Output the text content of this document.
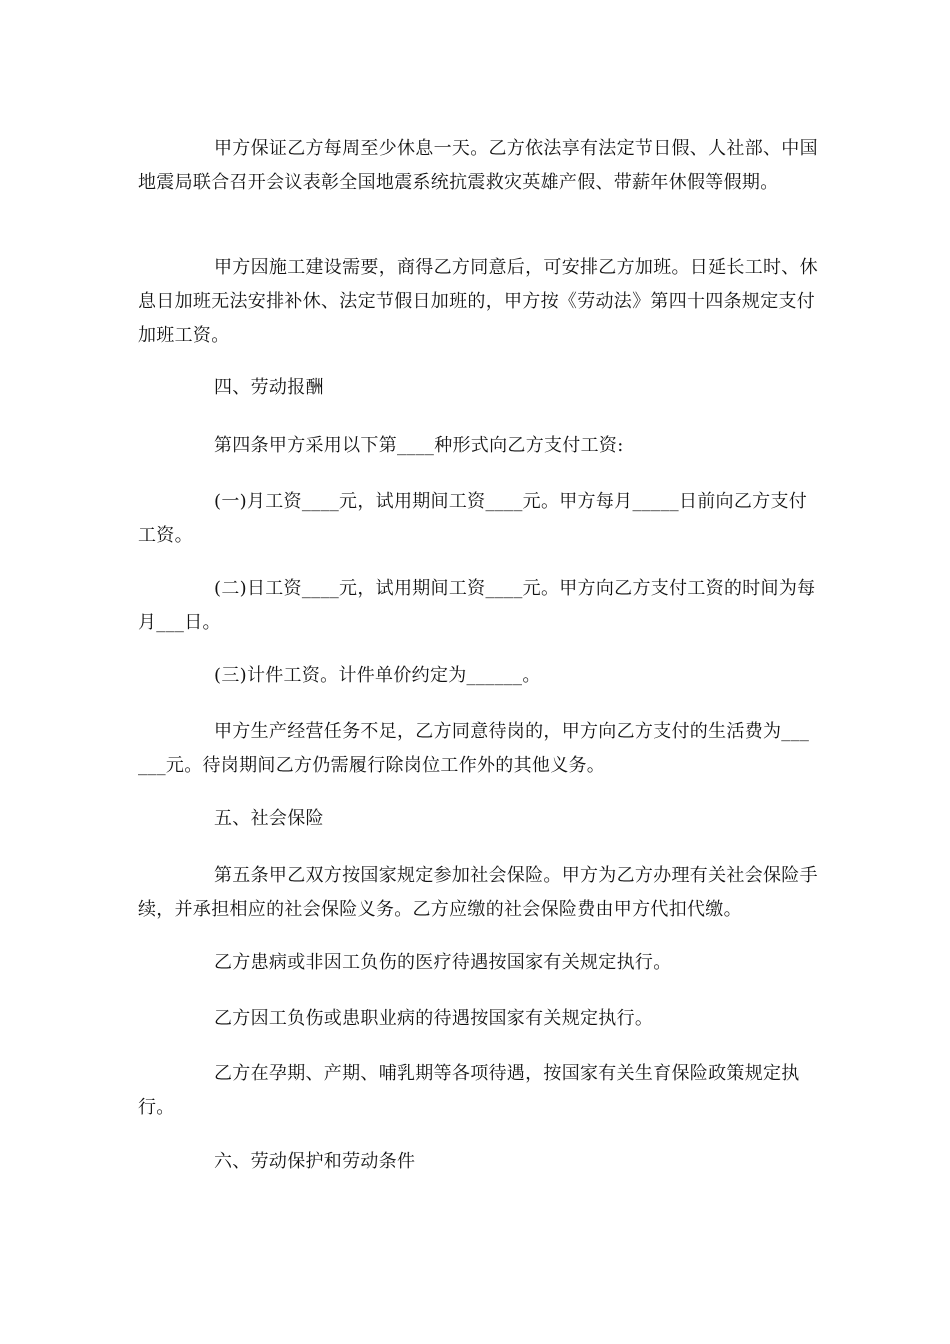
甲方保证乙方每周至少休息一天。乙方依法享有法定节日假、人社部、中国地震局联合召开会议表彰全国地震系统抗震救灾英雄产假、带薪年休假等假期。

甲方因施工建设需要，商得乙方同意后，可安排乙方加班。日延长工时、休息日加班无法安排补休、法定节假日加班的，甲方按《劳动法》第四十四条规定支付加班工资。

四、劳动报酬

第四条甲方采用以下第____种形式向乙方支付工资:

(一)月工资____元，试用期间工资____元。甲方每月_____日前向乙方支付工资。

(二)日工资____元，试用期间工资____元。甲方向乙方支付工资的时间为每月___日。

(三)计件工资。计件单价约定为______。

甲方生产经营任务不足，乙方同意待岗的，甲方向乙方支付的生活费为______元。待岗期间乙方仍需履行除岗位工作外的其他义务。

五、社会保险

第五条甲乙双方按国家规定参加社会保险。甲方为乙方办理有关社会保险手续，并承担相应的社会保险义务。乙方应缴的社会保险费由甲方代扣代缴。

乙方患病或非因工负伤的医疗待遇按国家有关规定执行。

乙方因工负伤或患职业病的待遇按国家有关规定执行。

乙方在孕期、产期、哺乳期等各项待遇，按国家有关生育保险政策规定执行。

六、劳动保护和劳动条件
